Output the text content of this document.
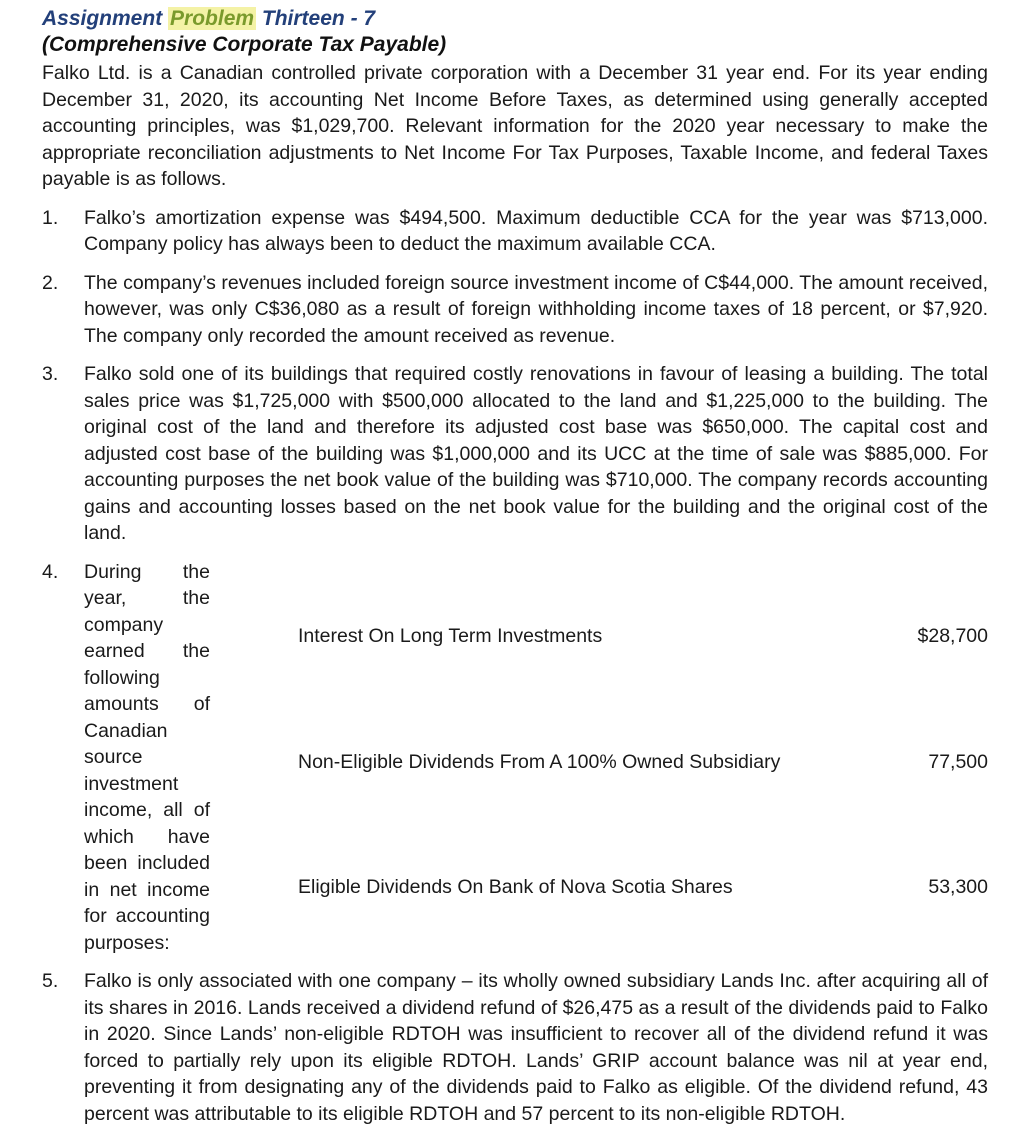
Assignment Problem Thirteen - 7

(Comprehensive Corporate Tax Payable)

Falko Ltd. is a Canadian controlled private corporation with a December 31 year end. For its year ending December 31, 2020, its accounting Net Income Before Taxes, as determined using generally accepted accounting principles, was $1,029,700. Relevant information for the 2020 year necessary to make the appropriate reconciliation adjustments to Net Income For Tax Purposes, Taxable Income, and federal Taxes payable is as follows.

1.	Falko’s amortization expense was $494,500. Maximum deductible CCA for the year was $713,000. Company policy has always been to deduct the maximum available CCA.
2.	The company’s revenues included foreign source investment income of C$44,000. The amount received, however, was only C$36,080 as a result of foreign withholding income taxes of 18 percent, or $7,920. The company only recorded the amount received as revenue.
3.	Falko sold one of its buildings that required costly renovations in favour of leasing a building. The total sales price was $1,725,000 with $500,000 allocated to the land and $1,225,000 to the building. The original cost of the land and therefore its adjusted cost base was $650,000. The capital cost and adjusted cost base of the building was $1,000,000 and its UCC at the time of sale was $885,000. For accounting purposes the net book value of the building was $710,000. The company records accounting gains and accounting losses based on the net book value for the building and the original cost of the land.
4.	During the year, the company earned the following amounts of Canadian source investment income, all of which have been included in net income for accounting purposes:
Interest On Long Term Investments	$28,700
Non-Eligible Dividends From A 100% Owned Subsidiary	77,500
Eligible Dividends On Bank of Nova Scotia Shares	53,300
5.	Falko is only associated with one company – its wholly owned subsidiary Lands Inc. after acquiring all of its shares in 2016. Lands received a dividend refund of $26,475 as a result of the dividends paid to Falko in 2020. Since Lands’ non-eligible RDTOH was insufficient to recover all of the dividend refund it was forced to partially rely upon its eligible RDTOH. Lands’ GRIP account balance was nil at year end, preventing it from designating any of the dividends paid to Falko as eligible. Of the dividend refund, 43 percent was attributable to its eligible RDTOH and 57 percent to its non-eligible RDTOH.
